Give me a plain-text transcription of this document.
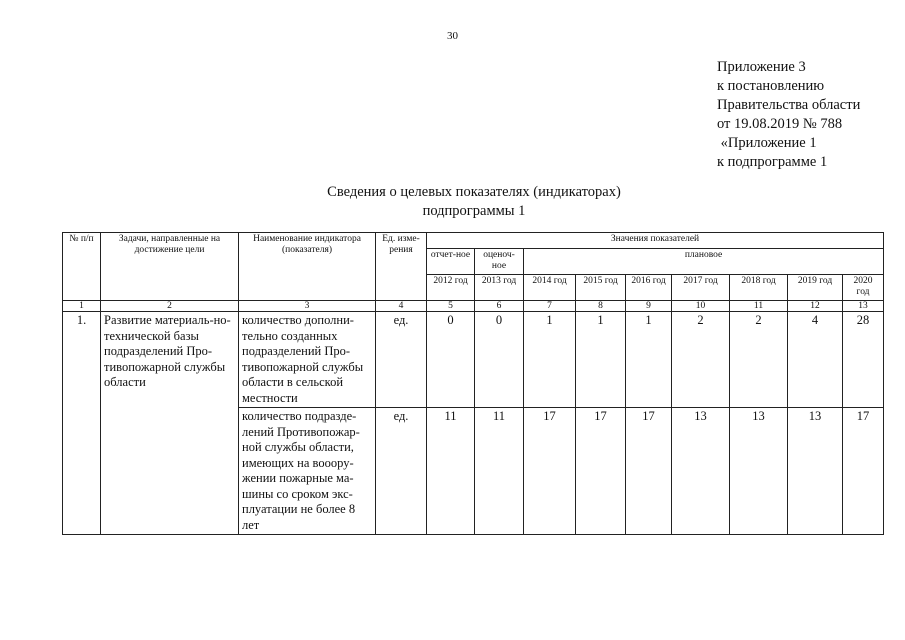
30
Приложение 3
к постановлению
Правительства области
от 19.08.2019 № 788
«Приложение 1
к подпрограмме 1
Сведения о целевых показателях (индикаторах)
подпрограммы 1
№ п/п	Задачи, направленные на достижение цели	Наименование индикатора (показателя)	Ед. изме-рения	Значения показателей								
				отчет-ное	оценоч-ное	плановое						
				2012 год	2013 год	2014 год	2015 год	2016 год	2017 год	2018 год	2019 год	2020 год
1	2	3	4	5	6	7	8	9	10	11	12	13
1.	Развитие материаль-но-технической базы подразделений Про-тивопожарной службы области	количество дополни-тельно созданных подразделений Про-тивопожарной службы области в сельской местности	ед.	0	0	1	1	1	2	2	4	28
		количество подразде-лений Противопожар-ной службы области, имеющих на вооору-жении пожарные ма-шины со сроком экс-плуатации не более 8 лет	ед.	11	11	17	17	17	13	13	13	17
